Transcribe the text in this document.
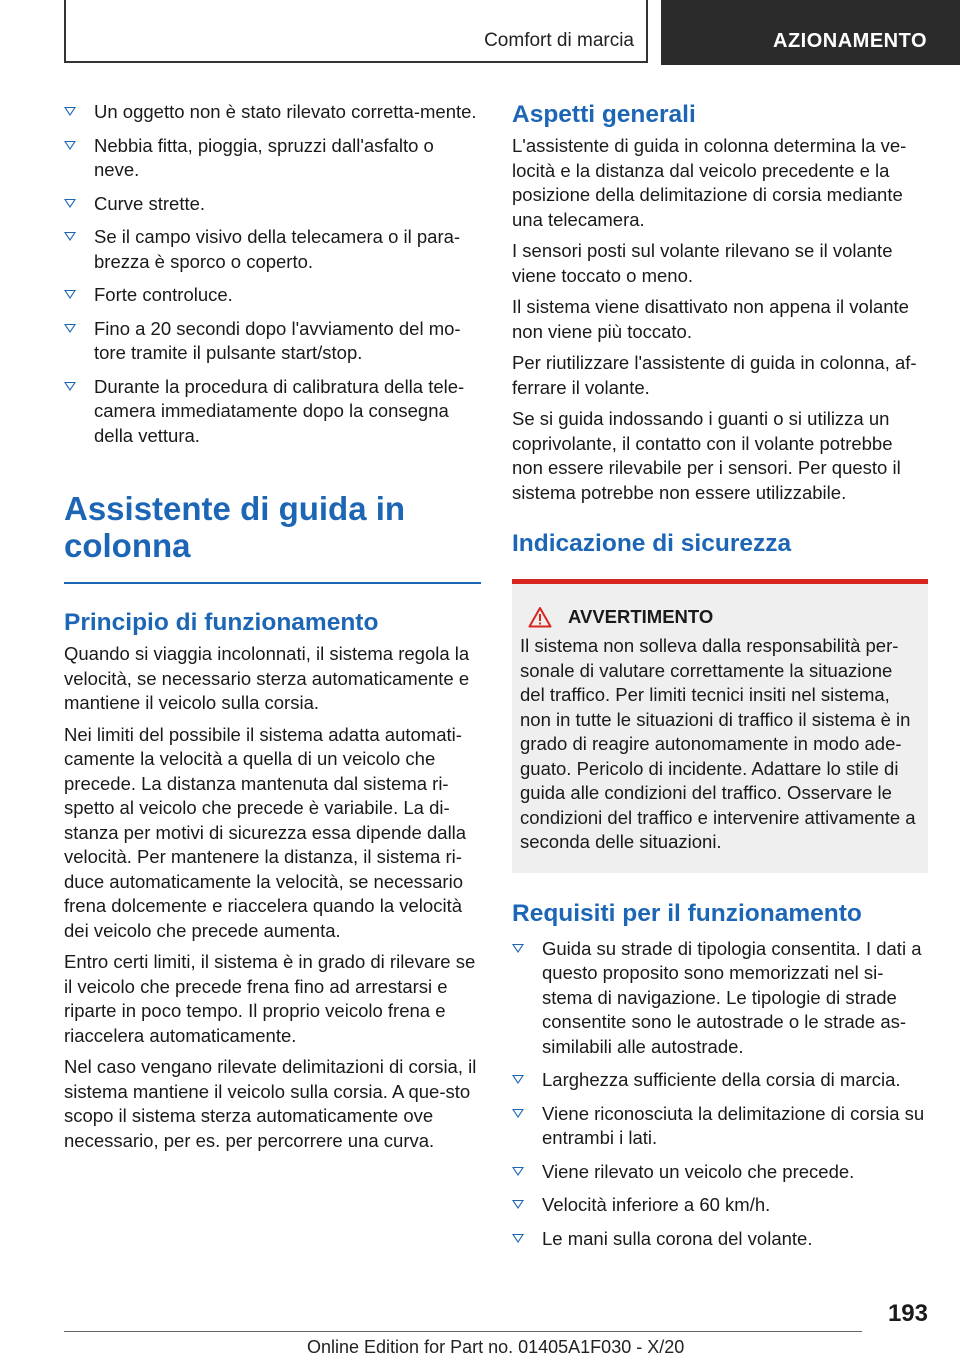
Comfort di marcia	AZIONAMENTO
Un oggetto non è stato rilevato corretta‐mente.
Nebbia fitta, pioggia, spruzzi dall'asfalto o neve.
Curve strette.
Se il campo visivo della telecamera o il para‐brezza è sporco o coperto.
Forte controluce.
Fino a 20 secondi dopo l'avviamento del mo‐tore tramite il pulsante start/stop.
Durante la procedura di calibratura della tele‐camera immediatamente dopo la consegna della vettura.
Assistente di guida in colonna
Principio di funzionamento

Quando si viaggia incolonnati, il sistema regola la velocità, se necessario sterza automaticamente e mantiene il veicolo sulla corsia.

Nei limiti del possibile il sistema adatta automati‐camente la velocità a quella di un veicolo che precede. La distanza mantenuta dal sistema ri‐spetto al veicolo che precede è variabile. La di‐stanza per motivi di sicurezza essa dipende dalla velocità. Per mantenere la distanza, il sistema ri‐duce automaticamente la velocità, se necessario frena dolcemente e riaccelera quando la velocità dei veicolo che precede aumenta.

Entro certi limiti, il sistema è in grado di rilevare se il veicolo che precede frena fino ad arrestarsi e riparte in poco tempo. Il proprio veicolo frena e riaccelera automaticamente.

Nel caso vengano rilevate delimitazioni di corsia, il sistema mantiene il veicolo sulla corsia. A que‐sto scopo il sistema sterza automaticamente ove necessario, per es. per percorrere una curva.

Aspetti generali

L'assistente di guida in colonna determina la ve‐locità e la distanza dal veicolo precedente e la posizione della delimitazione di corsia mediante una telecamera.

I sensori posti sul volante rilevano se il volante viene toccato o meno.

Il sistema viene disattivato non appena il volante non viene più toccato.

Per riutilizzare l'assistente di guida in colonna, af‐ferrare il volante.

Se si guida indossando i guanti o si utilizza un coprivolante, il contatto con il volante potrebbe non essere rilevabile per i sensori. Per questo il sistema potrebbe non essere utilizzabile.

Indicazione di sicurezza
AVVERTIMENTO

Il sistema non solleva dalla responsabilità per‐sonale di valutare correttamente la situazione del traffico. Per limiti tecnici insiti nel sistema, non in tutte le situazioni di traffico il sistema è in grado di reagire autonomamente in modo ade‐guato. Pericolo di incidente. Adattare lo stile di guida alle condizioni del traffico. Osservare le condizioni del traffico e intervenire attivamente a seconda delle situazioni.

Requisiti per il funzionamento
Guida su strade di tipologia consentita. I dati a questo proposito sono memorizzati nel si‐stema di navigazione. Le tipologie di strade consentite sono le autostrade o le strade as‐similabili alle autostrade.
Larghezza sufficiente della corsia di marcia.
Viene riconosciuta la delimitazione di corsia su entrambi i lati.
Viene rilevato un veicolo che precede.
Velocità inferiore a 60 km/h.
Le mani sulla corona del volante.
193
Online Edition for Part no. 01405A1F030 - X/20
